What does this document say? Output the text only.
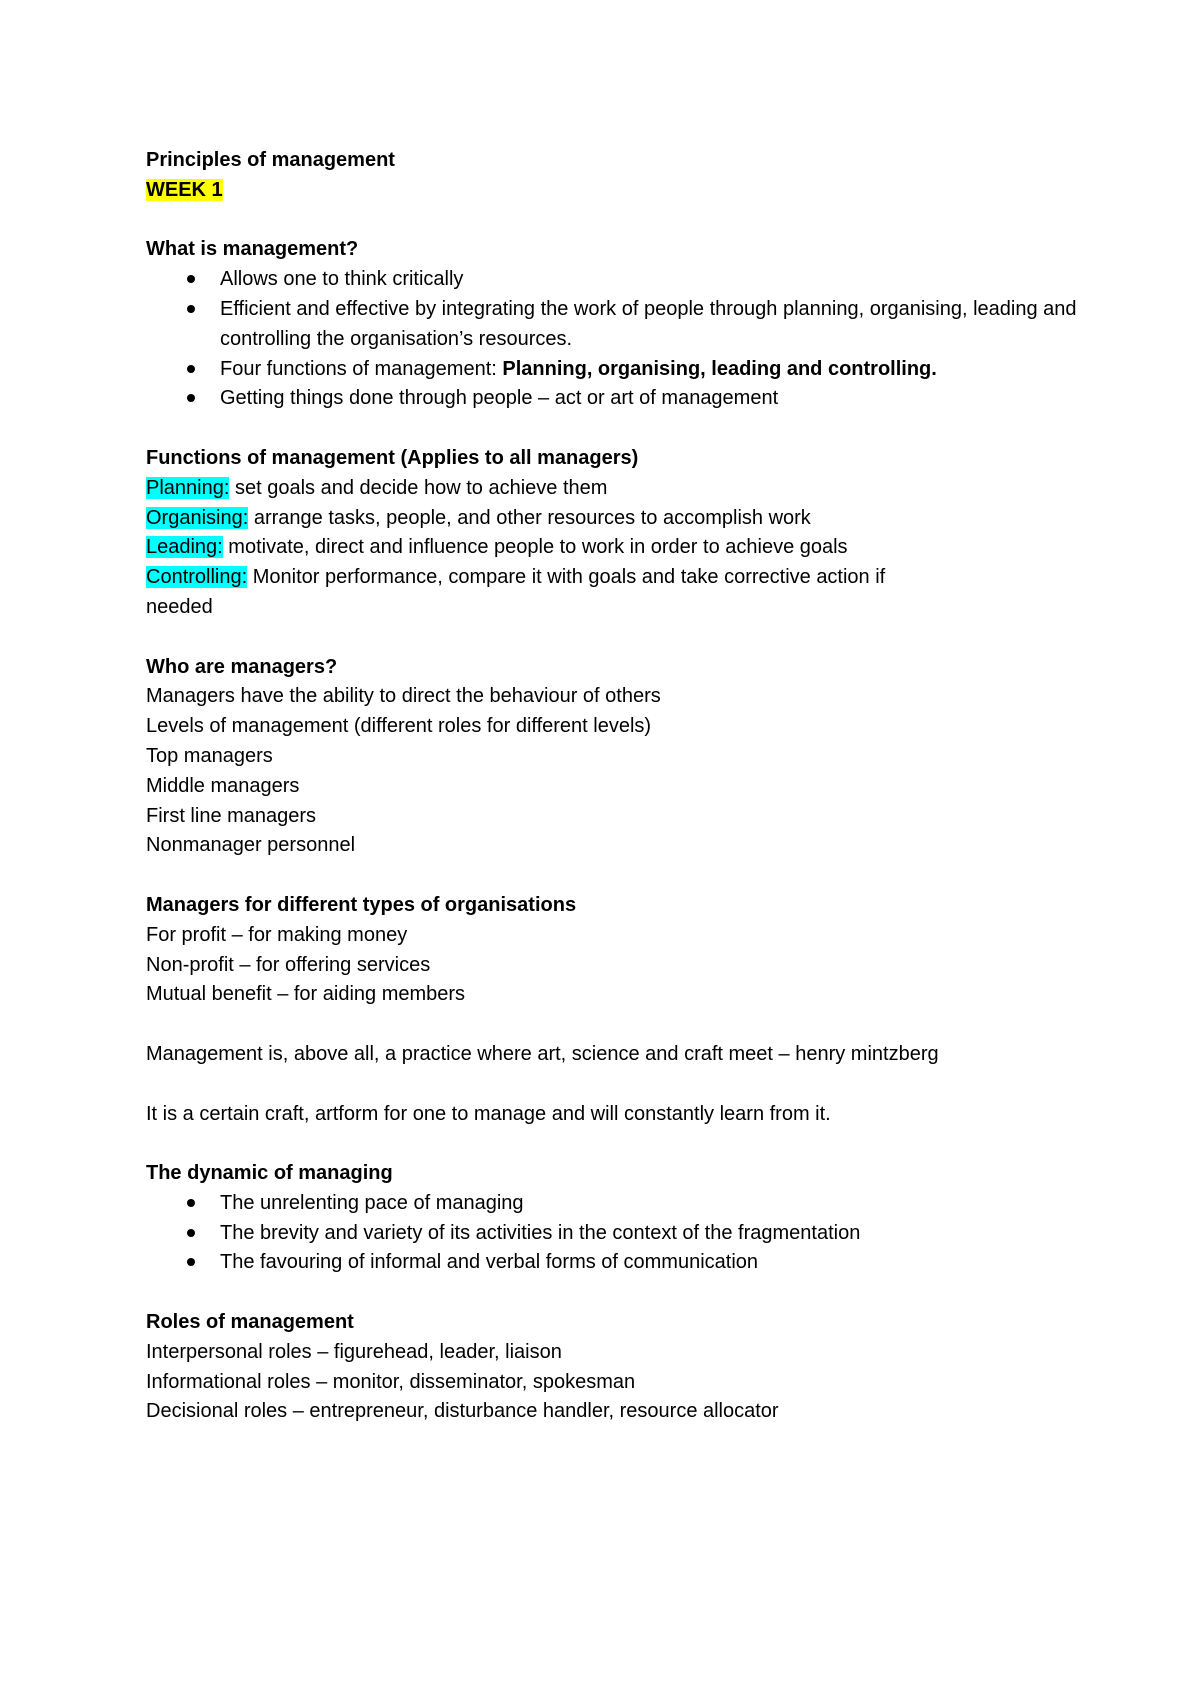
Principles of management
WEEK 1
What is management?
Allows one to think critically
Efficient and effective by integrating the work of people through planning, organising, leading and controlling the organisation’s resources.
Four functions of management: Planning, organising, leading and controlling.
Getting things done through people – act or art of management
Functions of management (Applies to all managers)
Planning: set goals and decide how to achieve them
Organising: arrange tasks, people, and other resources to accomplish work
Leading: motivate, direct and influence people to work in order to achieve goals
Controlling: Monitor performance, compare it with goals and take corrective action if
needed
Who are managers?
Managers have the ability to direct the behaviour of others
Levels of management (different roles for different levels)
Top managers
Middle managers
First line managers
Nonmanager personnel
Managers for different types of organisations
For profit – for making money
Non-profit – for offering services
Mutual benefit – for aiding members
Management is, above all, a practice where art, science and craft meet – henry mintzberg
It is a certain craft, artform for one to manage and will constantly learn from it.
The dynamic of managing
The unrelenting pace of managing
The brevity and variety of its activities in the context of the fragmentation
The favouring of informal and verbal forms of communication
Roles of management
Interpersonal roles – figurehead, leader, liaison
Informational roles – monitor, disseminator, spokesman
Decisional roles – entrepreneur, disturbance handler, resource allocator
